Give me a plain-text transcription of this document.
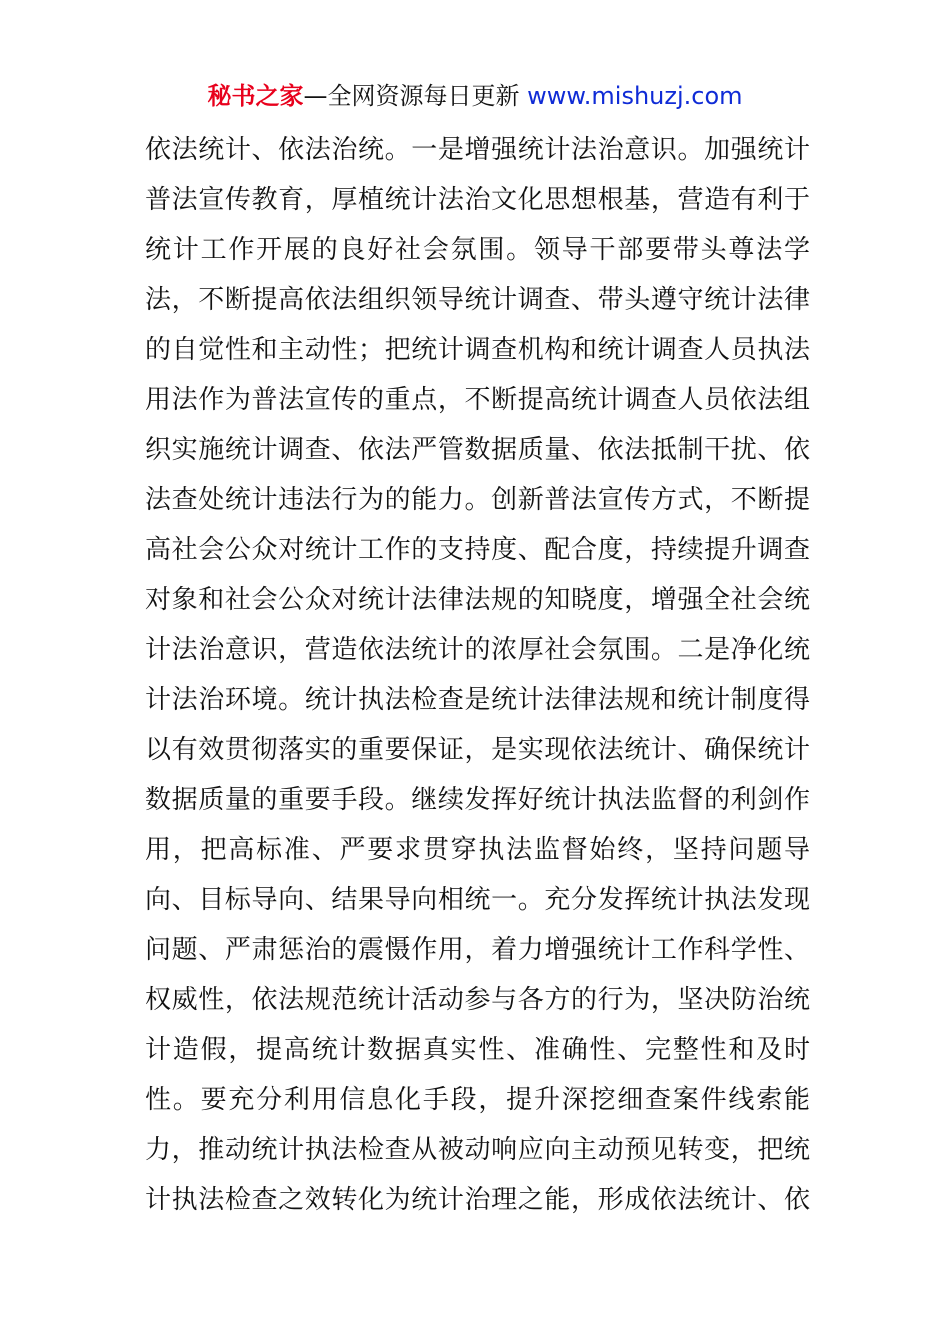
秘书之家—全网资源每日更新 www.mishuzj.com
依法统计、依法治统。一是增强统计法治意识。加强统计
普法宣传教育，厚植统计法治文化思想根基，营造有利于
统计工作开展的良好社会氛围。领导干部要带头尊法学
法，不断提高依法组织领导统计调查、带头遵守统计法律
的自觉性和主动性；把统计调查机构和统计调查人员执法
用法作为普法宣传的重点，不断提高统计调查人员依法组
织实施统计调查、依法严管数据质量、依法抵制干扰、依
法查处统计违法行为的能力。创新普法宣传方式，不断提
高社会公众对统计工作的支持度、配合度，持续提升调查
对象和社会公众对统计法律法规的知晓度，增强全社会统
计法治意识，营造依法统计的浓厚社会氛围。二是净化统
计法治环境。统计执法检查是统计法律法规和统计制度得
以有效贯彻落实的重要保证，是实现依法统计、确保统计
数据质量的重要手段。继续发挥好统计执法监督的利剑作
用，把高标准、严要求贯穿执法监督始终，坚持问题导
向、目标导向、结果导向相统一。充分发挥统计执法发现
问题、严肃惩治的震慑作用，着力增强统计工作科学性、
权威性，依法规范统计活动参与各方的行为，坚决防治统
计造假，提高统计数据真实性、准确性、完整性和及时
性。要充分利用信息化手段，提升深挖细查案件线索能
力，推动统计执法检查从被动响应向主动预见转变，把统
计执法检查之效转化为统计治理之能，形成依法统计、依
